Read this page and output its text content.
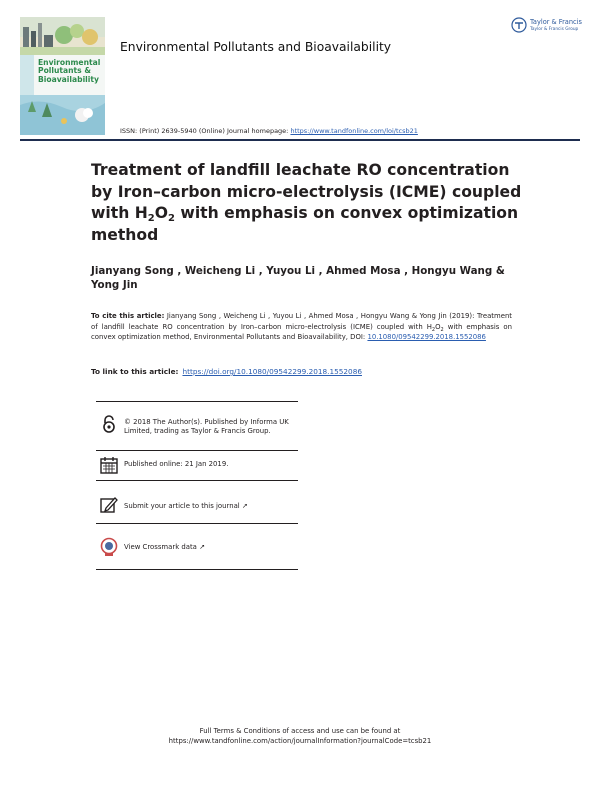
Environmental
Pollutants &
Bioavailability
Taylor & Francis
Taylor & Francis Group
Environmental Pollutants and Bioavailability
ISSN: (Print) 2639-5940 (Online) Journal homepage: https://www.tandfonline.com/loi/tcsb21
Treatment of landfill leachate RO concentration by Iron–carbon micro-electrolysis (ICME) coupled with $H_2O_2$ with emphasis on convex optimization method
Jianyang Song , Weicheng Li , Yuyou Li , Ahmed Mosa , Hongyu Wang & Yong Jin
To cite this article: Jianyang Song , Weicheng Li , Yuyou Li , Ahmed Mosa , Hongyu Wang & Yong Jin (2019): Treatment of landfill leachate RO concentration by Iron–carbon micro-electrolysis (ICME) coupled with $H_2O_2$ with emphasis on convex optimization method, Environmental Pollutants and Bioavailability, DOI: 10.1080/09542299.2018.1552086
To link to this article: https://doi.org/10.1080/09542299.2018.1552086
© 2018 The Author(s). Published by Informa UK Limited, trading as Taylor & Francis Group.
Published online: 21 Jan 2019.
Submit your article to this journal ↗
View Crossmark data ↗
Full Terms & Conditions of access and use can be found at
https://www.tandfonline.com/action/journalInformation?journalCode=tcsb21
